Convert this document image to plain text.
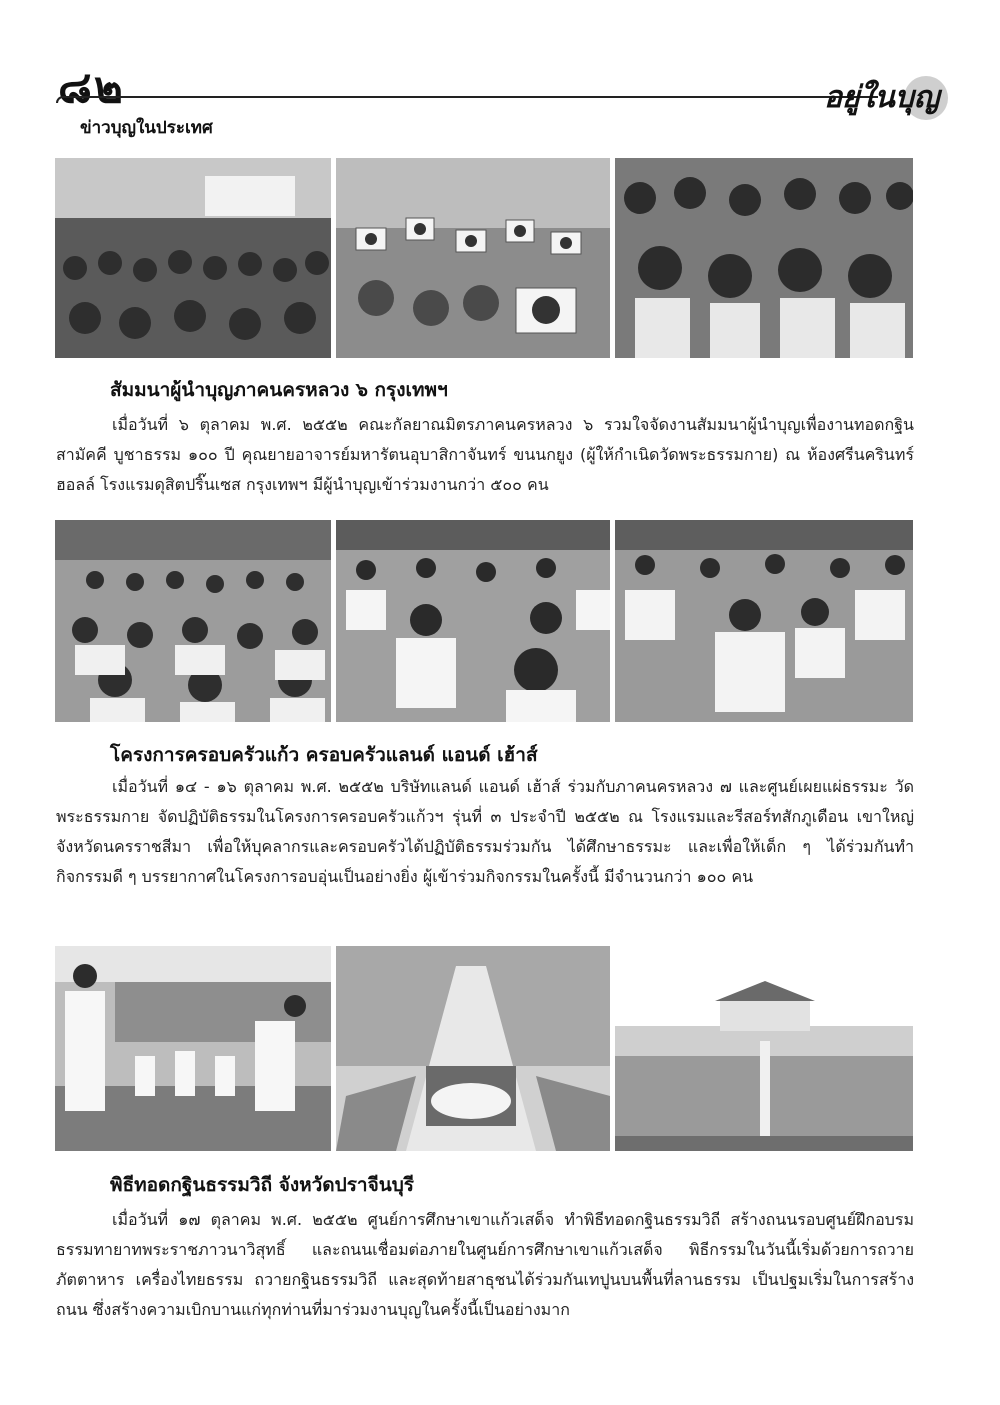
๘๒	อยู่ในบุญ
ข่าวบุญในประเทศ
สัมมนาผู้นำบุญภาคนครหลวง ๖ กรุงเทพฯ
เมื่อวันที่ ๖ ตุลาคม พ.ศ. ๒๕๕๒ คณะกัลยาณมิตรภาคนครหลวง ๖ รวมใจจัดงานสัมมนาผู้นำบุญเพื่องานทอดกฐินสามัคคี บูชาธรรม ๑๐๐ ปี คุณยายอาจารย์มหารัตนอุบาสิกาจันทร์ ขนนกยูง (ผู้ให้กำเนิดวัดพระธรรมกาย) ณ ห้องศรีนครินทร์ฮอลล์ โรงแรมดุสิตปริ๊นเซส กรุงเทพฯ มีผู้นำบุญเข้าร่วมงานกว่า ๕๐๐ คน
โครงการครอบครัวแก้ว ครอบครัวแลนด์ แอนด์ เฮ้าส์
เมื่อวันที่ ๑๔ - ๑๖ ตุลาคม พ.ศ. ๒๕๕๒ บริษัทแลนด์ แอนด์ เฮ้าส์ ร่วมกับภาคนครหลวง ๗ และศูนย์เผยแผ่ธรรมะ วัดพระธรรมกาย จัดปฏิบัติธรรมในโครงการครอบครัวแก้วฯ รุ่นที่ ๓ ประจำปี ๒๕๕๒ ณ โรงแรมและรีสอร์ทสักภูเดือน เขาใหญ่ จังหวัดนครราชสีมา เพื่อให้บุคลากรและครอบครัวได้ปฏิบัติธรรมร่วมกัน ได้ศึกษาธรรมะ และเพื่อให้เด็ก ๆ ได้ร่วมกันทำกิจกรรมดี ๆ บรรยากาศในโครงการอบอุ่นเป็นอย่างยิ่ง ผู้เข้าร่วมกิจกรรมในครั้งนี้ มีจำนวนกว่า ๑๐๐ คน
พิธีทอดกฐินธรรมวิถี จังหวัดปราจีนบุรี
เมื่อวันที่ ๑๗ ตุลาคม พ.ศ. ๒๕๕๒ ศูนย์การศึกษาเขาแก้วเสด็จ ทำพิธีทอดกฐินธรรมวิถี สร้างถนนรอบศูนย์ฝึกอบรมธรรมทายาทพระราชภาวนาวิสุทธิ์ และถนนเชื่อมต่อภายในศูนย์การศึกษาเขาแก้วเสด็จ พิธีกรรมในวันนี้เริ่มด้วยการถวายภัตตาหาร เครื่องไทยธรรม ถวายกฐินธรรมวิถี และสุดท้ายสาธุชนได้ร่วมกันเทปูนบนพื้นที่ลานธรรม เป็นปฐมเริ่มในการสร้างถนน ซึ่งสร้างความเบิกบานแก่ทุกท่านที่มาร่วมงานบุญในครั้งนี้เป็นอย่างมาก
